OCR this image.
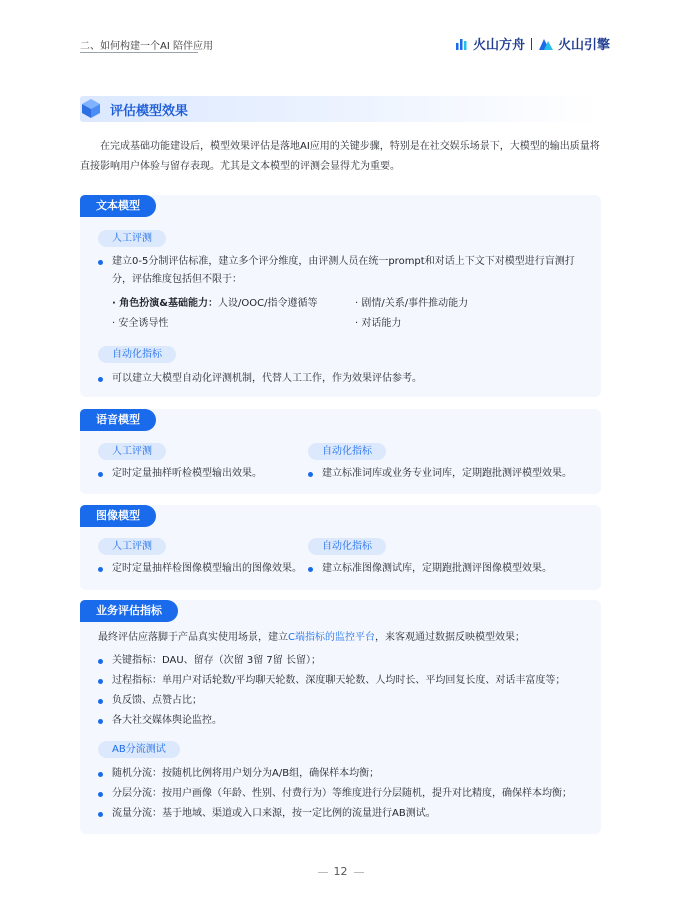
二、如何构建一个AI 陪伴应用	火山方舟	火山引擎
评估模型效果
在完成基础功能建设后，模型效果评估是落地AI应用的关键步骤，特别是在社交娱乐场景下，大模型的输出质量将直接影响用户体验与留存表现。尤其是文本模型的评测会显得尤为重要。
文本模型
人工评测
建立0-5分制评估标准，建立多个评分维度，由评测人员在统一prompt和对话上下文下对模型进行盲测打
分，评估维度包括但不限于：
· 角色扮演&基础能力：人设/OOC/指令遵循等	· 剧情/关系/事件推动能力
· 安全诱导性	· 对话能力
自动化指标
可以建立大模型自动化评测机制，代替人工工作，作为效果评估参考。
语音模型
人工评测
定时定量抽样听检模型输出效果。
自动化指标
建立标准词库或业务专业词库，定期跑批测评模型效果。
图像模型
人工评测
定时定量抽样检图像模型输出的图像效果。
自动化指标
建立标准图像测试库，定期跑批测评图像模型效果。
业务评估指标
最终评估应落脚于产品真实使用场景，建立C端指标的监控平台，来客观通过数据反映模型效果；
关键指标：DAU、留存（次留 3留 7留 长留）；
过程指标：单用户对话轮数/平均聊天轮数、深度聊天轮数、人均时长、平均回复长度、对话丰富度等；
负反馈、点赞占比；
各大社交媒体舆论监控。
AB分流测试
随机分流：按随机比例将用户划分为A/B组，确保样本均衡；
分层分流：按用户画像（年龄、性别、付费行为）等维度进行分层随机，提升对比精度，确保样本均衡；
流量分流：基于地域、渠道或入口来源，按一定比例的流量进行AB测试。
12
